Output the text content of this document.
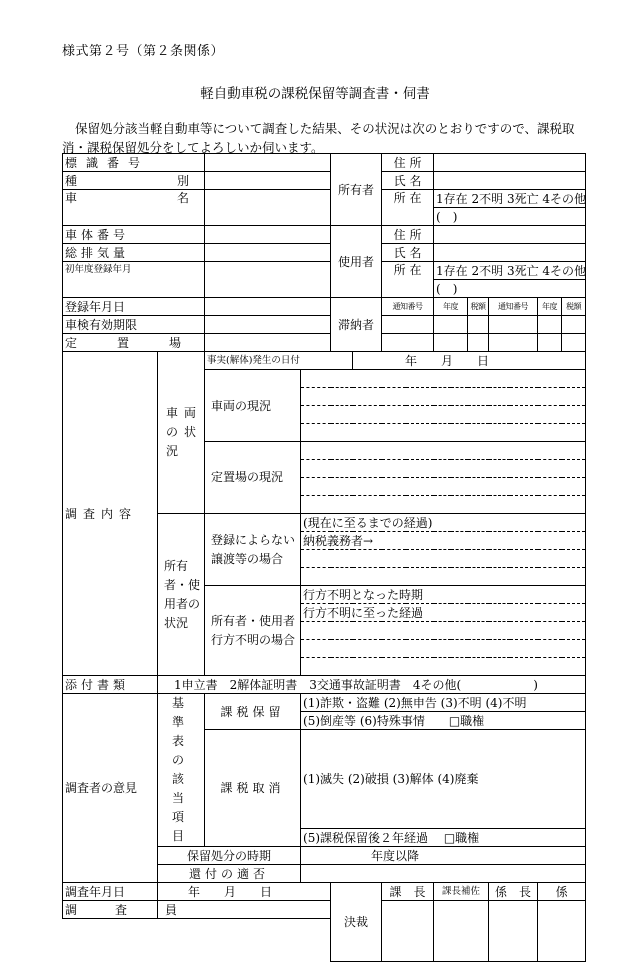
様式第２号（第２条関係）
軽自動車税の課税保留等調査書・伺書
保留処分該当軽自動車等について調査した結果、その状況は次のとおりですので、課税取消・課税保留処分をしてよろしいか伺います。
標識番号				所有者		住 所					
種　別						氏 名					
車　名						所 在	1存在 2不明 3死亡 4その他				
							(　)				
車体番号				使用者		住 所					
総排気量						氏 名					
初年度登録年月						所 在	1存在 2不明 3死亡 4その他				
							(　)				
登録年月日				滞納者		通知番号	年度	税額	通知番号	年度	税額
車検有効期限											
定　置　場											
調査内容	車両の状況	事実(解体)発生の日付			年　　月　　日						
		車両の現況									

		定置場の現況									

	所有者・使用者の状況	登録によらない譲渡等の場合	(現在に至るまでの経過)								
			納税義務者→								

		所有者・使用者行方不明の場合	行方不明となった時期								
			行方不明に至った経過								

添付書類	1申立書　2解体証明書　3交通事故証明書　4その他(　　　　　　)										
調査者の意見	基準表の該当項目	課税保留	(1)詐欺・盗難 (2)無申告 (3)不明 (4)不明								
			(5)倒産等 (6)特殊事情　　□職権								
		課税取消	(1)滅失 (2)破損 (3)解体 (4)廃棄								
			(5)課税保留後２年経過　 □職権								
	保留処分の時期		年度以降								
	還付の適否										
調査年月日	年　　月　　日			決裁		課　長	課長補佐		係　長	係	
調　査　員											
